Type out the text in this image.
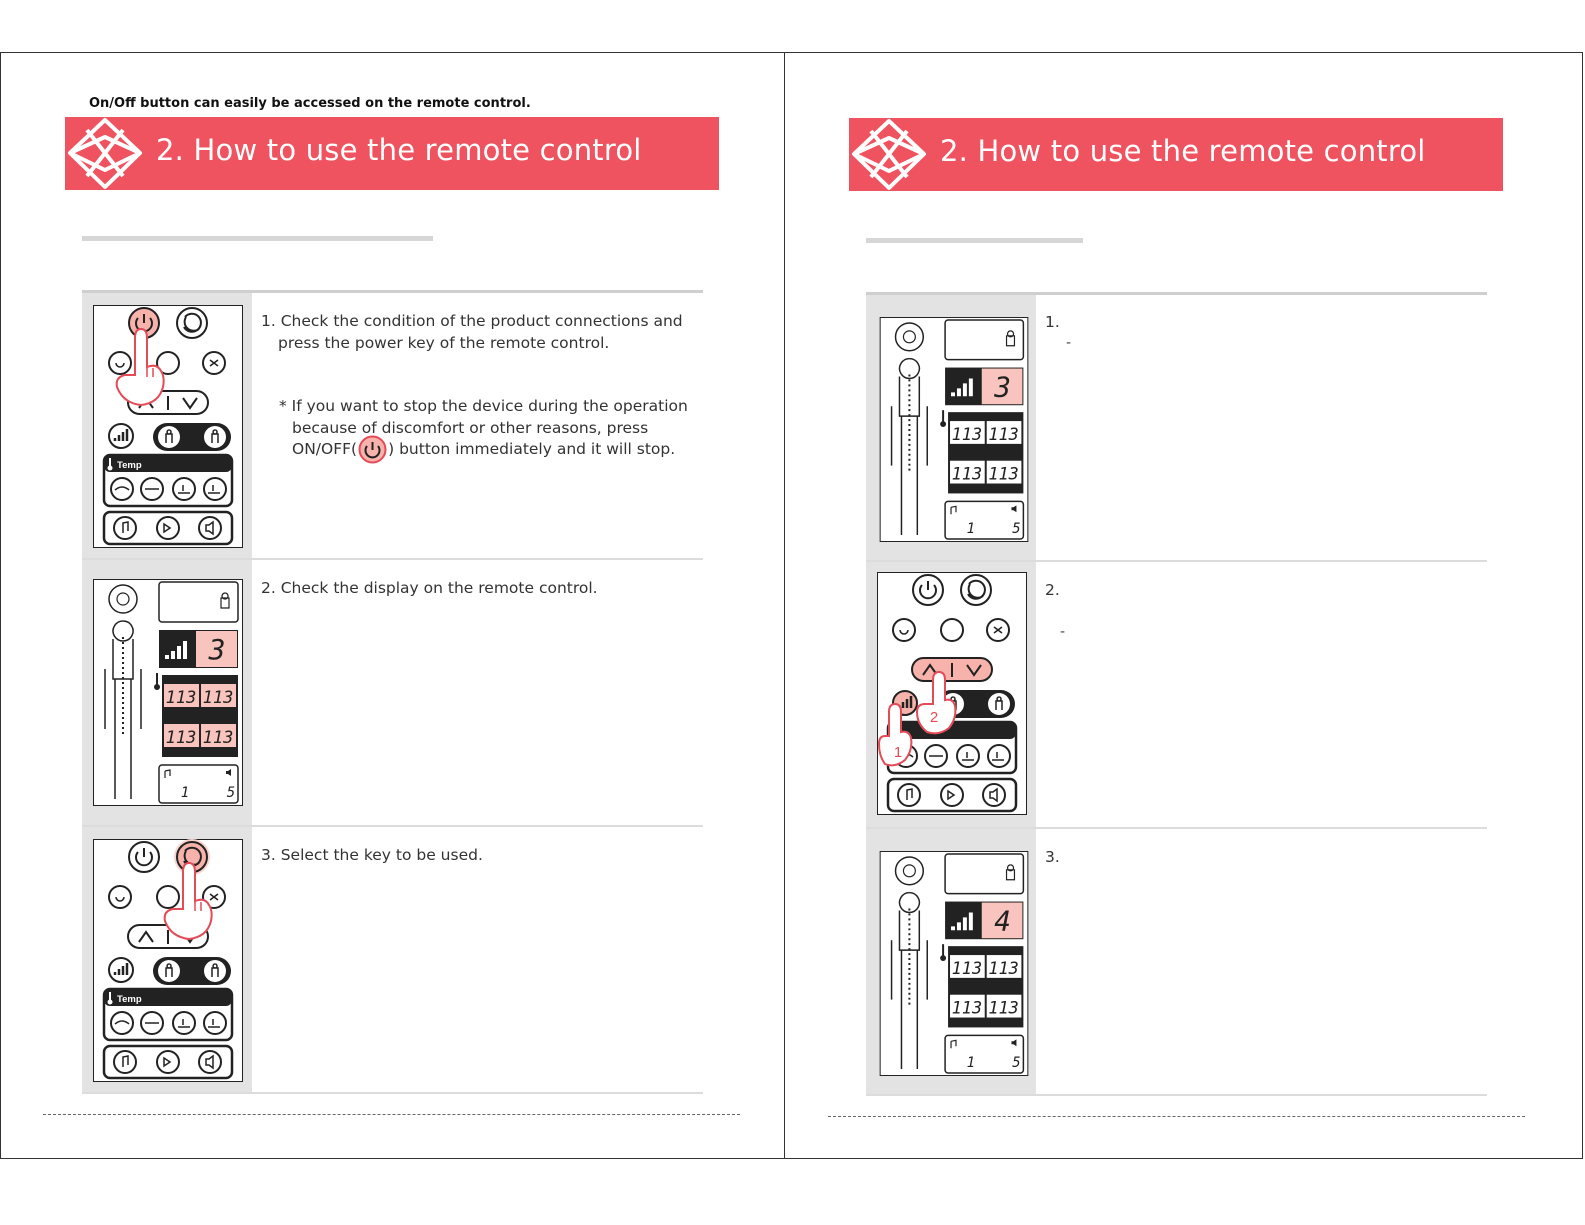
On/Off button can easily be accessed on the remote control.

2. How to use the remote control
Temp
1. Check the condition of the product connections and
press the power key of the remote control.
* If you want to stop the device during the operation
because of discomfort or other reasons, press
ON/OFF( ) button immediately and it will stop.
3
113 113
113 113
1	5
2. Check the display on the remote control.
Temp
3. Select the key to be used.
2. How to use the remote control
3
113 113
113 113
1	5
1.
-
2
1
2.
-
4
113 113
113 113
1	5
3.
